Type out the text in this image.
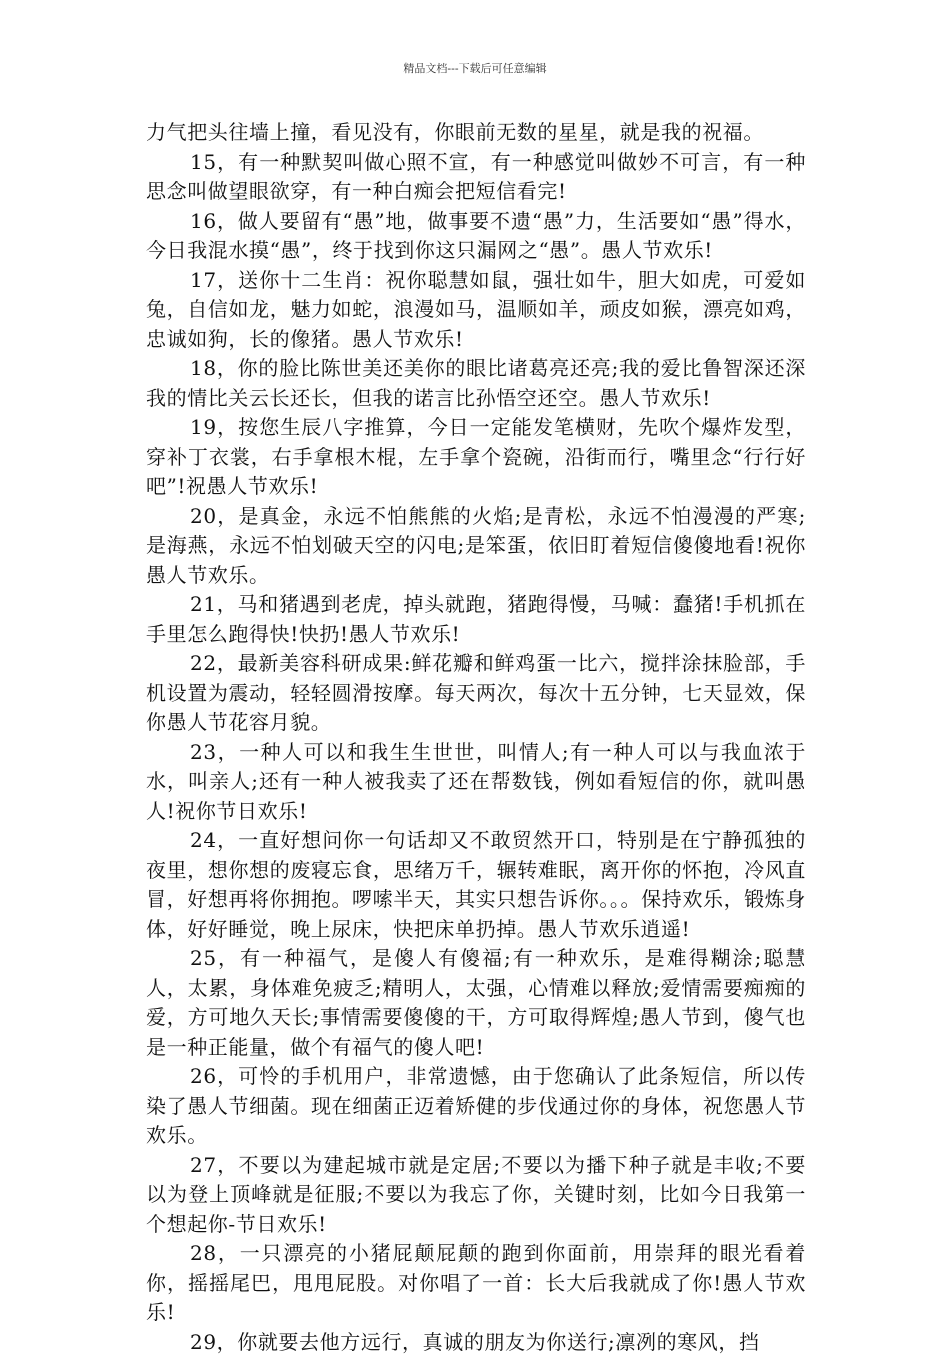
精品文档---下载后可任意编辑

力气把头往墙上撞，看见没有，你眼前无数的星星，就是我的祝福。

15，有一种默契叫做心照不宣，有一种感觉叫做妙不可言，有一种思念叫做望眼欲穿，有一种白痴会把短信看完!

16，做人要留有“愚”地，做事要不遗“愚”力，生活要如“愚”得水，今日我混水摸“愚”，终于找到你这只漏网之“愚”。愚人节欢乐!

17，送你十二生肖：祝你聪慧如鼠，强壮如牛，胆大如虎，可爱如兔，自信如龙，魅力如蛇，浪漫如马，温顺如羊，顽皮如猴，漂亮如鸡，忠诚如狗，长的像猪。愚人节欢乐!

18，你的脸比陈世美还美你的眼比诸葛亮还亮;我的爱比鲁智深还深我的情比关云长还长，但我的诺言比孙悟空还空。愚人节欢乐!

19，按您生辰八字推算，今日一定能发笔横财，先吹个爆炸发型，穿补丁衣裳，右手拿根木棍，左手拿个瓷碗，沿街而行，嘴里念“行行好吧”!祝愚人节欢乐!

20，是真金，永远不怕熊熊的火焰;是青松，永远不怕漫漫的严寒;是海燕，永远不怕划破天空的闪电;是笨蛋，依旧盯着短信傻傻地看!祝你愚人节欢乐。

21，马和猪遇到老虎，掉头就跑，猪跑得慢，马喊：蠢猪!手机抓在手里怎么跑得快!快扔!愚人节欢乐!

22，最新美容科研成果:鲜花瓣和鲜鸡蛋一比六，搅拌涂抹脸部，手机设置为震动，轻轻圆滑按摩。每天两次，每次十五分钟，七天显效，保你愚人节花容月貌。

23，一种人可以和我生生世世，叫情人;有一种人可以与我血浓于水，叫亲人;还有一种人被我卖了还在帮数钱，例如看短信的你，就叫愚人!祝你节日欢乐!

24，一直好想问你一句话却又不敢贸然开口，特别是在宁静孤独的夜里，想你想的废寝忘食，思绪万千，辗转难眠，离开你的怀抱，冷风直冒，好想再将你拥抱。啰嗦半天，其实只想告诉你。。。保持欢乐，锻炼身体，好好睡觉，晚上尿床，快把床单扔掉。愚人节欢乐逍遥!

25，有一种福气，是傻人有傻福;有一种欢乐，是难得糊涂;聪慧人，太累，身体难免疲乏;精明人，太强，心情难以释放;爱情需要痴痴的爱，方可地久天长;事情需要傻傻的干，方可取得辉煌;愚人节到，傻气也是一种正能量，做个有福气的傻人吧!

26，可怜的手机用户，非常遗憾，由于您确认了此条短信，所以传染了愚人节细菌。现在细菌正迈着矫健的步伐通过你的身体，祝您愚人节欢乐。

27，不要以为建起城市就是定居;不要以为播下种子就是丰收;不要以为登上顶峰就是征服;不要以为我忘了你，关键时刻，比如今日我第一个想起你-节日欢乐!

28，一只漂亮的小猪屁颠屁颠的跑到你面前，用崇拜的眼光看着你，摇摇尾巴，甩甩屁股。对你唱了一首：长大后我就成了你!愚人节欢乐!

29，你就要去他方远行，真诚的朋友为你送行;凛冽的寒风，挡
